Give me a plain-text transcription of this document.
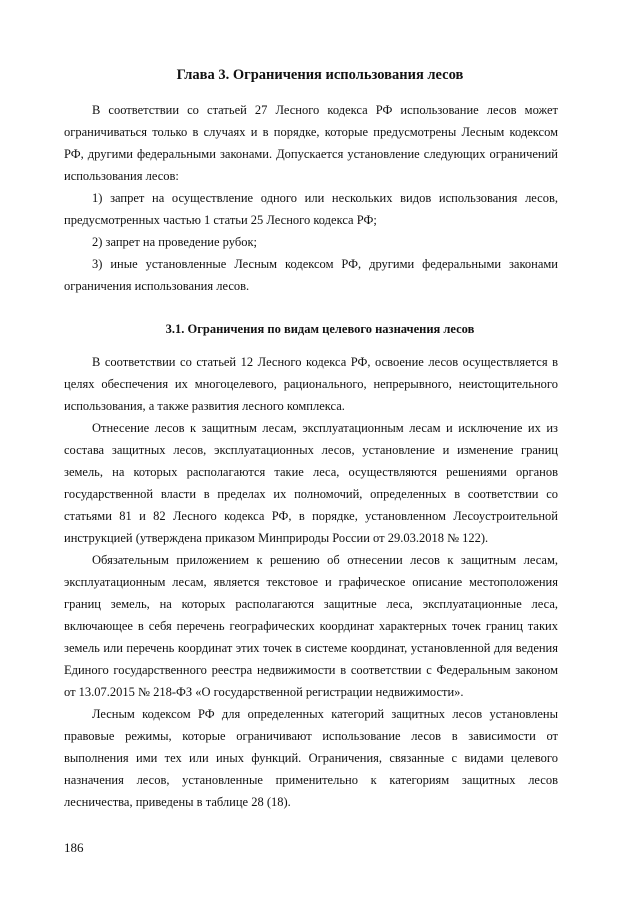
Глава 3. Ограничения использования лесов

В соответствии со статьей 27 Лесного кодекса РФ использование лесов может ограничиваться только в случаях и в порядке, которые предусмотрены Лесным кодексом РФ, другими федеральными законами. Допускается установление следующих ограничений использования лесов:

1) запрет на осуществление одного или нескольких видов использования лесов, предусмотренных частью 1 статьи 25 Лесного кодекса РФ;

2) запрет на проведение рубок;

3) иные установленные Лесным кодексом РФ, другими федеральными законами ограничения использования лесов.

3.1. Ограничения по видам целевого назначения лесов

В соответствии со статьей 12 Лесного кодекса РФ, освоение лесов осуществляется в целях обеспечения их многоцелевого, рационального, непрерывного, неистощительного использования, а также развития лесного комплекса.

Отнесение лесов к защитным лесам, эксплуатационным лесам и исключение их из состава защитных лесов, эксплуатационных лесов, установление и изменение границ земель, на которых располагаются такие леса, осуществляются решениями органов государственной власти в пределах их полномочий, определенных в соответствии со статьями 81 и 82 Лесного кодекса РФ, в порядке, установленном Лесоустроительной инструкцией (утверждена приказом Минприроды России от 29.03.2018 № 122).

Обязательным приложением к решению об отнесении лесов к защитным лесам, эксплуатационным лесам, является текстовое и графическое описание местоположения границ земель, на которых располагаются защитные леса, эксплуатационные леса, включающее в себя перечень географических координат характерных точек границ таких земель или перечень координат этих точек в системе координат, установленной для ведения Единого государственного реестра недвижимости в соответствии с Федеральным законом от 13.07.2015 № 218-ФЗ «О государственной регистрации недвижимости».

Лесным кодексом РФ для определенных категорий защитных лесов установлены правовые режимы, которые ограничивают использование лесов в зависимости от выполнения ими тех или иных функций. Ограничения, связанные с видами целевого назначения лесов, установленные применительно к категориям защитных лесов лесничества, приведены в таблице 28 (18).

186
